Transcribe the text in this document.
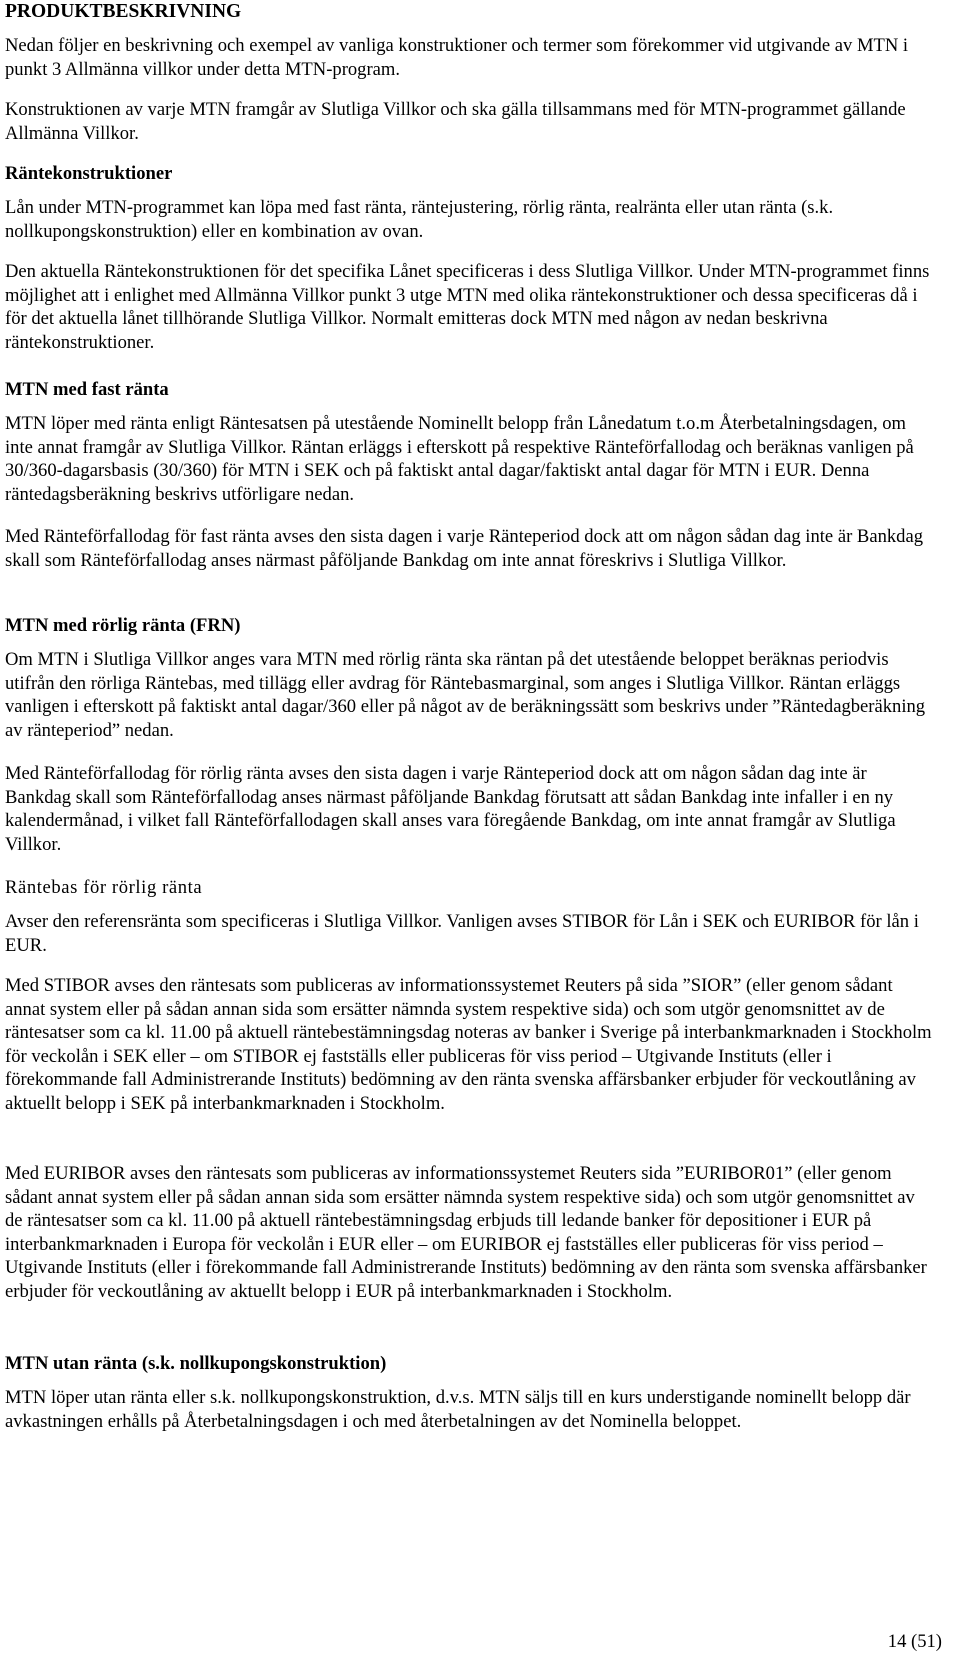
PRODUKTBESKRIVNING

Nedan följer en beskrivning och exempel av vanliga konstruktioner och termer som förekommer vid utgivande av MTN i punkt 3 Allmänna villkor under detta MTN-program.

Konstruktionen av varje MTN framgår av Slutliga Villkor och ska gälla tillsammans med för MTN-programmet gällande Allmänna Villkor.

Räntekonstruktioner

Lån under MTN-programmet kan löpa med fast ränta, räntejustering, rörlig ränta, realränta eller utan ränta (s.k. nollkupongskonstruktion) eller en kombination av ovan.

Den aktuella Räntekonstruktionen för det specifika Lånet specificeras i dess Slutliga Villkor. Under MTN-programmet finns möjlighet att i enlighet med Allmänna Villkor punkt 3 utge MTN med olika räntekonstruktioner och dessa specificeras då i för det aktuella lånet tillhörande Slutliga Villkor. Normalt emitteras dock MTN med någon av nedan beskrivna räntekonstruktioner.

MTN med fast ränta

MTN löper med ränta enligt Räntesatsen på utestående Nominellt belopp från Lånedatum t.o.m Återbetalningsdagen, om inte annat framgår av Slutliga Villkor. Räntan erläggs i efterskott på respektive Ränteförfallodag och beräknas vanligen på 30/360-dagarsbasis (30/360) för MTN i SEK och på faktiskt antal dagar/faktiskt antal dagar för MTN i EUR. Denna räntedagsberäkning beskrivs utförligare nedan.

Med Ränteförfallodag för fast ränta avses den sista dagen i varje Ränteperiod dock att om någon sådan dag inte är Bankdag skall som Ränteförfallodag anses närmast påföljande Bankdag om inte annat föreskrivs i Slutliga Villkor.

MTN med rörlig ränta (FRN)

Om MTN i Slutliga Villkor anges vara MTN med rörlig ränta ska räntan på det utestående beloppet beräknas periodvis utifrån den rörliga Räntebas, med tillägg eller avdrag för Räntebasmarginal, som anges i Slutliga Villkor. Räntan erläggs vanligen i efterskott på faktiskt antal dagar/360 eller på något av de beräkningssätt som beskrivs under ”Räntedagberäkning av ränteperiod” nedan.

Med Ränteförfallodag för rörlig ränta avses den sista dagen i varje Ränteperiod dock att om någon sådan dag inte är Bankdag skall som Ränteförfallodag anses närmast påföljande Bankdag förutsatt att sådan Bankdag inte infaller i en ny kalendermånad, i vilket fall Ränteförfallodagen skall anses vara föregående Bankdag, om inte annat framgår av Slutliga Villkor.

Räntebas för rörlig ränta

Avser den referensränta som specificeras i Slutliga Villkor. Vanligen avses STIBOR för Lån i SEK och EURIBOR för lån i EUR.

Med STIBOR avses den räntesats som publiceras av informationssystemet Reuters på sida ”SIOR” (eller genom sådant annat system eller på sådan annan sida som ersätter nämnda system respektive sida) och som utgör genomsnittet av de räntesatser som ca kl. 11.00 på aktuell räntebestämningsdag noteras av banker i Sverige på interbankmarknaden i Stockholm för veckolån i SEK eller – om STIBOR ej fastställs eller publiceras för viss period – Utgivande Instituts (eller i förekommande fall Administrerande Instituts) bedömning av den ränta svenska affärsbanker erbjuder för veckoutlåning av aktuellt belopp i SEK på interbankmarknaden i Stockholm.

Med EURIBOR avses den räntesats som publiceras av informationssystemet Reuters sida ”EURIBOR01” (eller genom sådant annat system eller på sådan annan sida som ersätter nämnda system respektive sida) och som utgör genomsnittet av de räntesatser som ca kl. 11.00 på aktuell räntebestämningsdag erbjuds till ledande banker för depositioner i EUR på interbankmarknaden i Europa för veckolån i EUR eller – om EURIBOR ej fastställes eller publiceras för viss period – Utgivande Instituts (eller i förekommande fall Administrerande Instituts) bedömning av den ränta som svenska affärsbanker erbjuder för veckoutlåning av aktuellt belopp i EUR på interbankmarknaden i Stockholm.

MTN utan ränta (s.k. nollkupongskonstruktion)

MTN löper utan ränta eller s.k. nollkupongskonstruktion, d.v.s. MTN säljs till en kurs understigande nominellt belopp där avkastningen erhålls på Återbetalningsdagen i och med återbetalningen av det Nominella beloppet.

14 (51)
